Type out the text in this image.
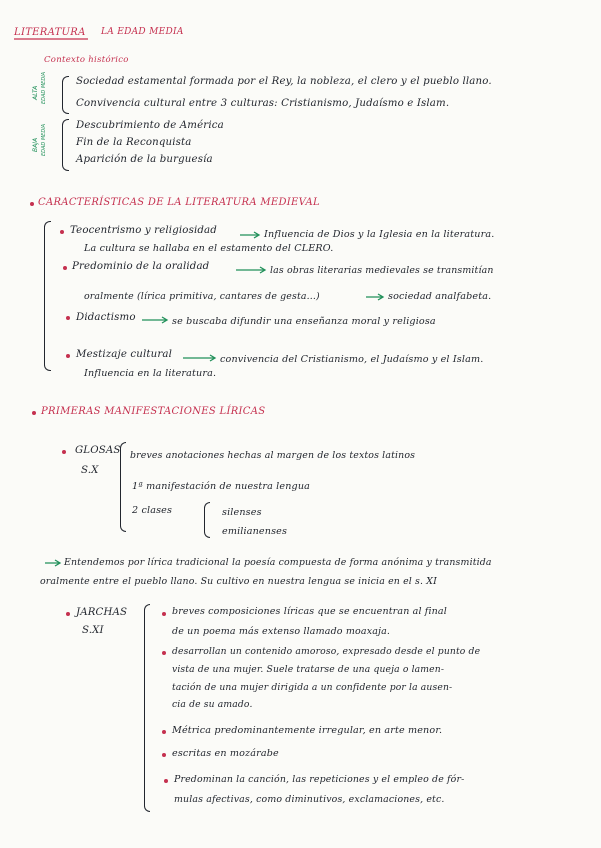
LITERATURA LA EDAD MEDIA
Contexto histórico
ALTA EDAD MEDIA	Sociedad estamental formada por el Rey, la nobleza, el clero y el pueblo llano.
Convivencia cultural entre 3 culturas: Cristianismo, Judaísmo e Islam.
BAJA EDAD MEDIA	Descubrimiento de América
Fin de la Reconquista
Aparición de la burguesía
CARACTERÍSTICAS DE LA LITERATURA MEDIEVAL
Teocentrismo y religiosidad	Influencia de Dios y la Iglesia en la literatura.
La cultura se hallaba en el estamento del CLERO.
Predominio de la oralidad	las obras literarias medievales se transmitían
oralmente (lírica primitiva, cantares de gesta...)	sociedad analfabeta.
Didactismo	se buscaba difundir una enseñanza moral y religiosa
Mestizaje cultural	convivencia del Cristianismo, el Judaísmo y el Islam.
Influencia en la literatura.
PRIMERAS MANIFESTACIONES LÍRICAS
GLOSAS
S.X
breves anotaciones hechas al margen de los textos latinos
1ª manifestación de nuestra lengua
2 clases	silenses
emilianenses
Entendemos por lírica tradicional la poesía compuesta de forma anónima y transmitida
oralmente entre el pueblo llano. Su cultivo en nuestra lengua se inicia en el s. XI
JARCHAS
S.XI
breves composiciones líricas que se encuentran al final
de un poema más extenso llamado moaxaja.
desarrollan un contenido amoroso, expresado desde el punto de
vista de una mujer. Suele tratarse de una queja o lamen-
tación de una mujer dirigida a un confidente por la ausen-
cia de su amado.
Métrica predominantemente irregular, en arte menor.
escritas en mozárabe
Predominan la canción, las repeticiones y el empleo de fór-
mulas afectivas, como diminutivos, exclamaciones, etc.
